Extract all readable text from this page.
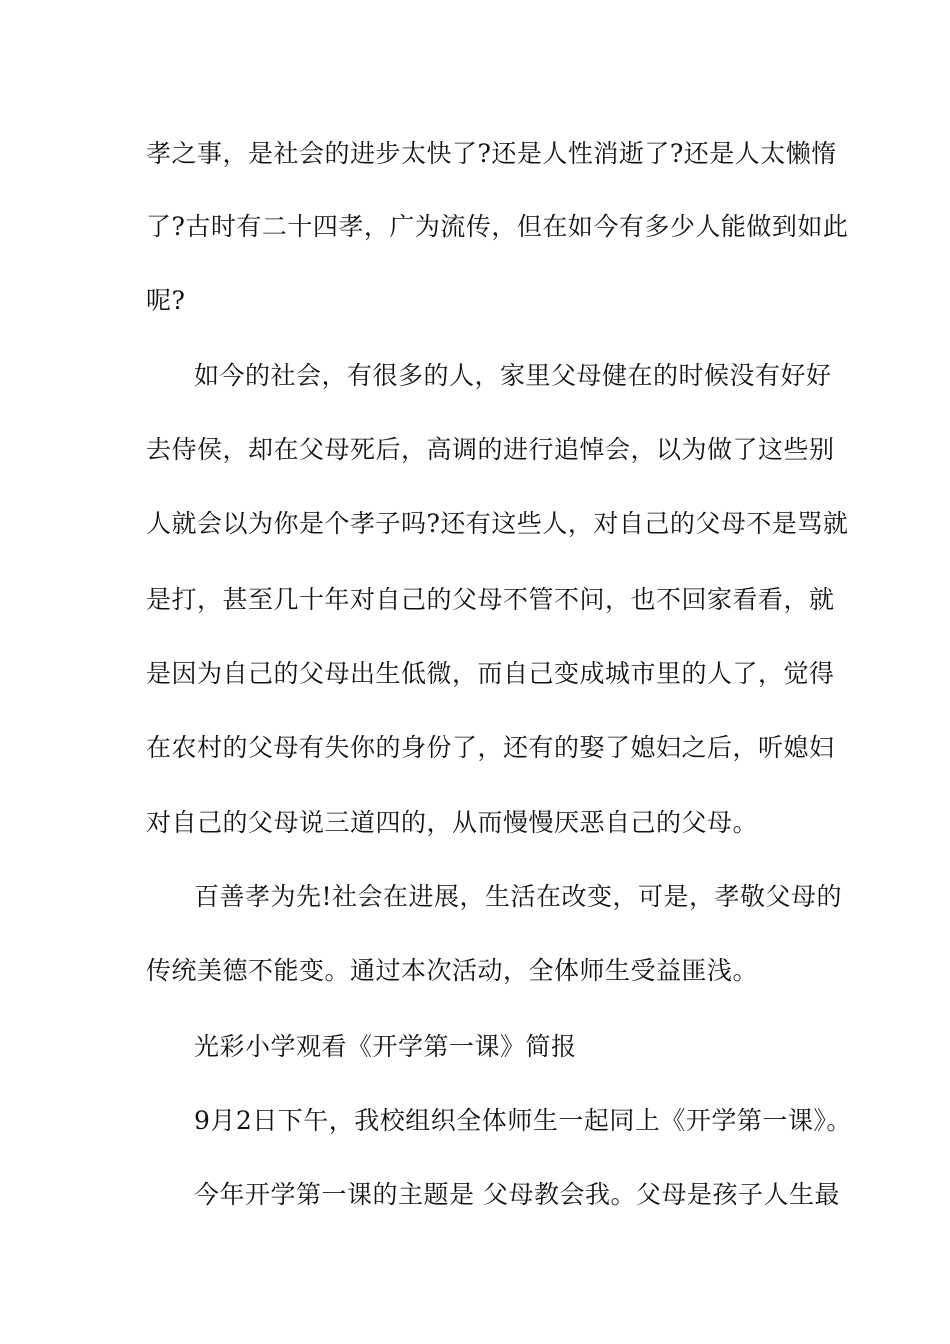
孝之事，是社会的进步太快了?还是人性消逝了?还是人太懒惰
了?古时有二十四孝，广为流传，但在如今有多少人能做到如此
呢?
如今的社会，有很多的人，家里父母健在的时候没有好好
去侍侯，却在父母死后，高调的进行追悼会，以为做了这些别
人就会以为你是个孝子吗?还有这些人，对自己的父母不是骂就
是打，甚至几十年对自己的父母不管不问，也不回家看看，就
是因为自己的父母出生低微，而自己变成城市里的人了，觉得
在农村的父母有失你的身份了，还有的娶了媳妇之后，听媳妇
对自己的父母说三道四的，从而慢慢厌恶自己的父母。
百善孝为先!社会在进展，生活在改变，可是，孝敬父母的
传统美德不能变。通过本次活动，全体师生受益匪浅。
光彩小学观看《开学第一课》简报
9月2日下午，我校组织全体师生一起同上《开学第一课》。
今年开学第一课的主题是 父母教会我。父母是孩子人生最
